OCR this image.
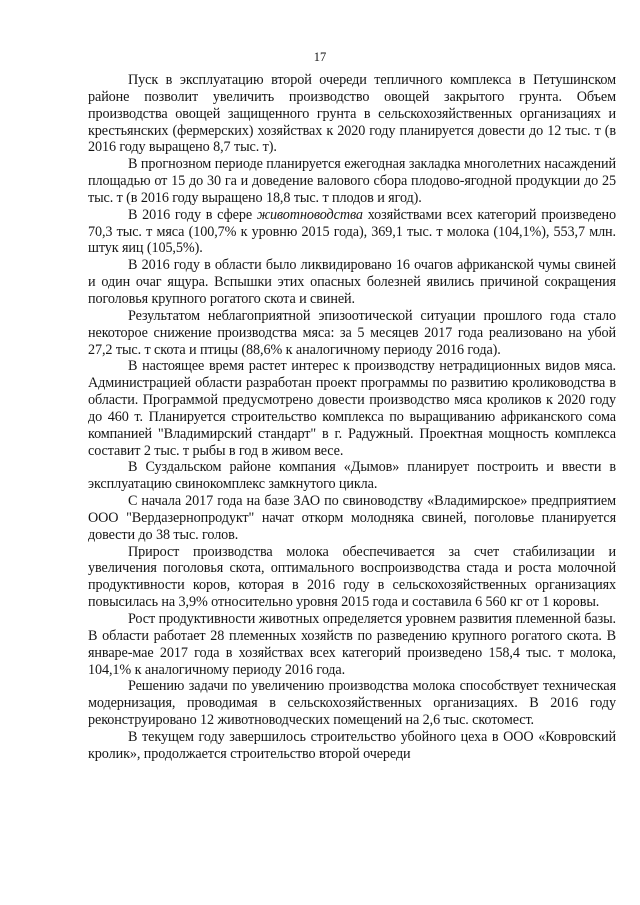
17

Пуск в эксплуатацию второй очереди тепличного комплекса в Петушинском районе позволит увеличить производство овощей закрытого грунта. Объем производства овощей защищенного грунта в сельскохозяйственных организациях и крестьянских (фермерских) хозяйствах к 2020 году планируется довести до 12 тыс. т (в 2016 году выращено 8,7 тыс. т).

В прогнозном периоде планируется ежегодная закладка многолетних насаждений площадью от 15 до 30 га и доведение валового сбора плодово-ягодной продукции до 25 тыс. т (в 2016 году выращено 18,8 тыс. т плодов и ягод).

В 2016 году в сфере животноводства хозяйствами всех категорий произведено 70,3 тыс. т мяса (100,7% к уровню 2015 года), 369,1 тыс. т молока (104,1%), 553,7 млн. штук яиц (105,5%).

В 2016 году в области было ликвидировано 16 очагов африканской чумы свиней и один очаг ящура. Вспышки этих опасных болезней явились причиной сокращения поголовья крупного рогатого скота и свиней.

Результатом неблагоприятной эпизоотической ситуации прошлого года стало некоторое снижение производства мяса: за 5 месяцев 2017 года реализовано на убой 27,2 тыс. т скота и птицы (88,6% к аналогичному периоду 2016 года).

В настоящее время растет интерес к производству нетрадиционных видов мяса. Администрацией области разработан проект программы по развитию кролиководства в области. Программой предусмотрено довести производство мяса кроликов к 2020 году до 460 т. Планируется строительство комплекса по выращиванию африканского сома компанией "Владимирский стандарт" в г. Радужный. Проектная мощность комплекса составит 2 тыс. т рыбы в год в живом весе.

В Суздальском районе компания «Дымов» планирует построить и ввести в эксплуатацию свинокомплекс замкнутого цикла.

С начала 2017 года на базе ЗАО по свиноводству «Владимирское» предприятием ООО "Вердазернопродукт" начат откорм молодняка свиней, поголовье планируется довести до 38 тыс. голов.

Прирост производства молока обеспечивается за счет стабилизации и увеличения поголовья скота, оптимального воспроизводства стада и роста молочной продуктивности коров, которая в 2016 году в сельскохозяйственных организациях повысилась на 3,9% относительно уровня 2015 года и составила 6 560 кг от 1 коровы.

Рост продуктивности животных определяется уровнем развития племенной базы. В области работает 28 племенных хозяйств по разведению крупного рогатого скота. В январе-мае 2017 года в хозяйствах всех категорий произведено 158,4 тыс. т молока, 104,1% к аналогичному периоду 2016 года.

Решению задачи по увеличению производства молока способствует техническая модернизация, проводимая в сельскохозяйственных организациях. В 2016 году реконструировано 12 животноводческих помещений на 2,6 тыс. скотомест.

В текущем году завершилось строительство убойного цеха в ООО «Ковровский кролик», продолжается строительство второй очереди
